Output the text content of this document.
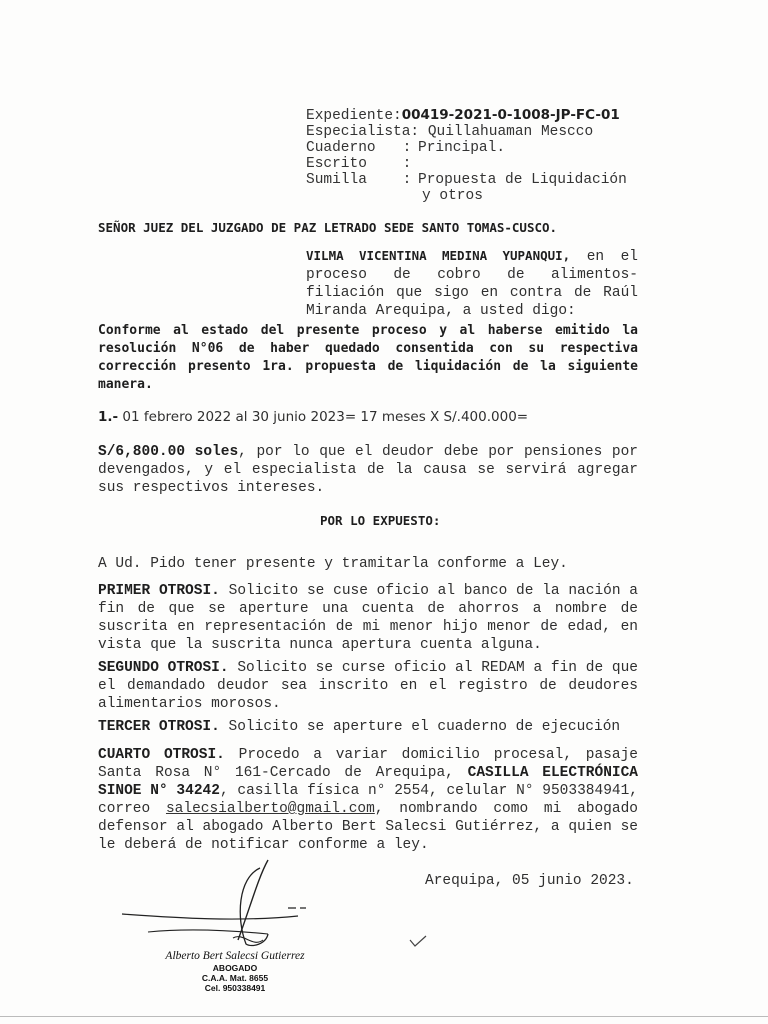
Expediente:00419-2021-0-1008-JP-FC-01		
Especialista: Quillahuaman Mescco		
Cuaderno	:	Principal.
Escrito	:	
Sumilla	:	Propuesta de Liquidación
y otros
SEÑOR JUEZ DEL JUZGADO DE PAZ LETRADO SEDE SANTO TOMAS-CUSCO.
VILMA VICENTINA MEDINA YUPANQUI, en el proceso de cobro de alimentos-filiación que sigo en contra de Raúl Miranda Arequipa, a usted digo:
Conforme al estado del presente proceso y al haberse emitido la resolución N°06 de haber quedado consentida con su respectiva corrección presento 1ra. propuesta de liquidación de la siguiente manera.
1.- 01 febrero 2022 al 30 junio 2023= 17 meses X S/.400.000=
S/6,800.00 soles, por lo que el deudor debe por pensiones por devengados, y el especialista de la causa se servirá agregar sus respectivos intereses.
POR LO EXPUESTO:
A Ud. Pido tener presente y tramitarla conforme a Ley.
PRIMER OTROSI. Solicito se cuse oficio al banco de la nación a fin de que se aperture una cuenta de ahorros a nombre de suscrita en representación de mi menor hijo menor de edad, en vista que la suscrita nunca apertura cuenta alguna.
SEGUNDO OTROSI. Solicito se curse oficio al REDAM a fin de que el demandado deudor sea inscrito en el registro de deudores alimentarios morosos.
TERCER OTROSI. Solicito se aperture el cuaderno de ejecución
CUARTO OTROSI. Procedo a variar domicilio procesal, pasaje Santa Rosa N° 161-Cercado de Arequipa, CASILLA ELECTRÓNICA SINOE N° 34242, casilla física n° 2554, celular N° 9503384941, correo salecsialberto@gmail.com, nombrando como mi abogado defensor al abogado Alberto Bert Salecsi Gutiérrez, a quien se le deberá de notificar conforme a ley.
Arequipa, 05 junio 2023.
Alberto Bert Salecsi Gutierrez
ABOGADO
C.A.A. Mat. 8655
Cel. 950338491
